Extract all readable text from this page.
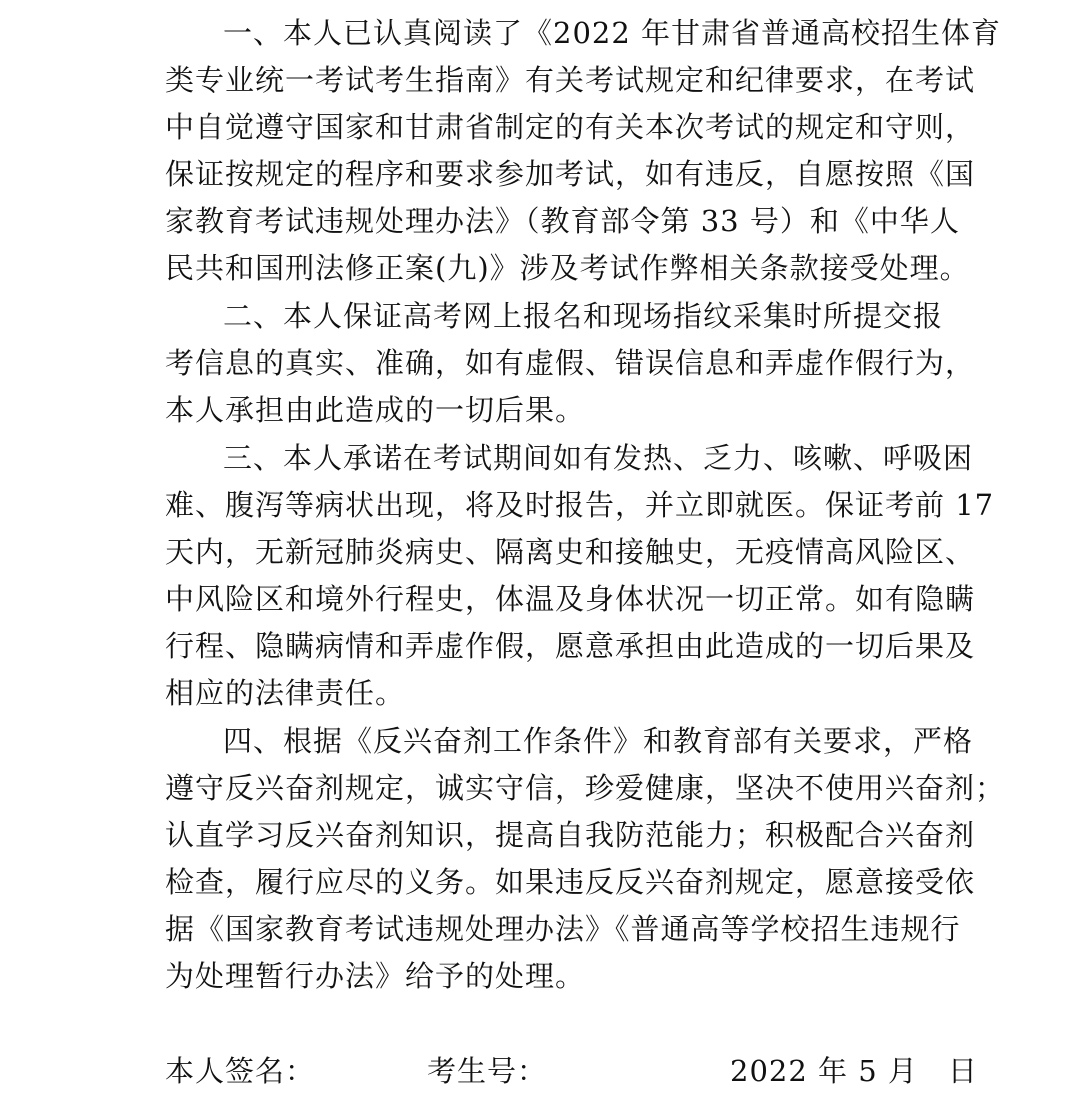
一、本人已认真阅读了《2022 年甘肃省普通高校招生体育
类专业统一考试考生指南》有关考试规定和纪律要求，在考试
中自觉遵守国家和甘肃省制定的有关本次考试的规定和守则，
保证按规定的程序和要求参加考试，如有违反，自愿按照《国
家教育考试违规处理办法》（教育部令第 33 号）和《中华人
民共和国刑法修正案(九)》涉及考试作弊相关条款接受处理。
二、本人保证高考网上报名和现场指纹采集时所提交报
考信息的真实、准确，如有虚假、错误信息和弄虚作假行为，
本人承担由此造成的一切后果。
三、本人承诺在考试期间如有发热、乏力、咳嗽、呼吸困
难、腹泻等病状出现，将及时报告，并立即就医。保证考前 17
天内，无新冠肺炎病史、隔离史和接触史，无疫情高风险区、
中风险区和境外行程史，体温及身体状况一切正常。如有隐瞒
行程、隐瞒病情和弄虚作假，愿意承担由此造成的一切后果及
相应的法律责任。
四、根据《反兴奋剂工作条件》和教育部有关要求，严格
遵守反兴奋剂规定，诚实守信，珍爱健康，坚决不使用兴奋剂；
认直学习反兴奋剂知识，提高自我防范能力；积极配合兴奋剂
检查，履行应尽的义务。如果违反反兴奋剂规定，愿意接受依
据《国家教育考试违规处理办法》《普通高等学校招生违规行
为处理暂行办法》给予的处理。
本人签名：	考生号：	2022 年 5 月　日
